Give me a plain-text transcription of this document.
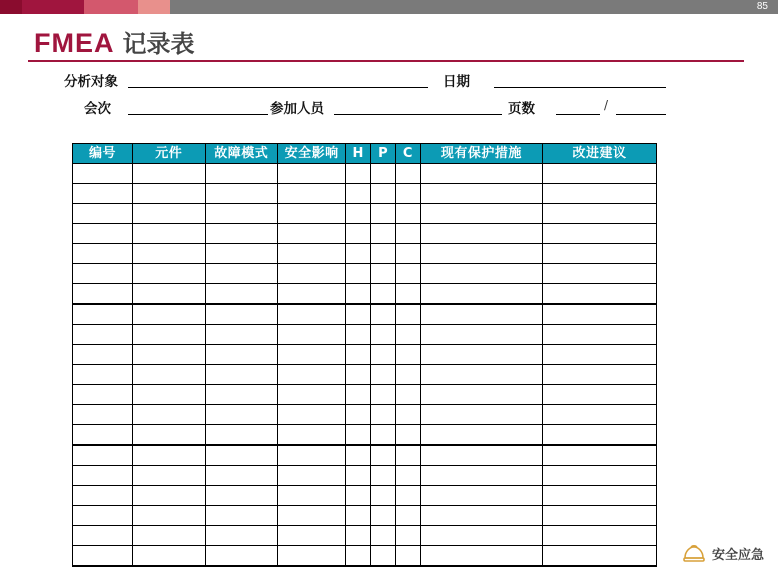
85
FMEA 记录表
分析对象	日期
会次	参加人员	页数	/
编号	元件	故障模式	安全影响	H	P	C	现有保护措施	改进建议

安全应急
